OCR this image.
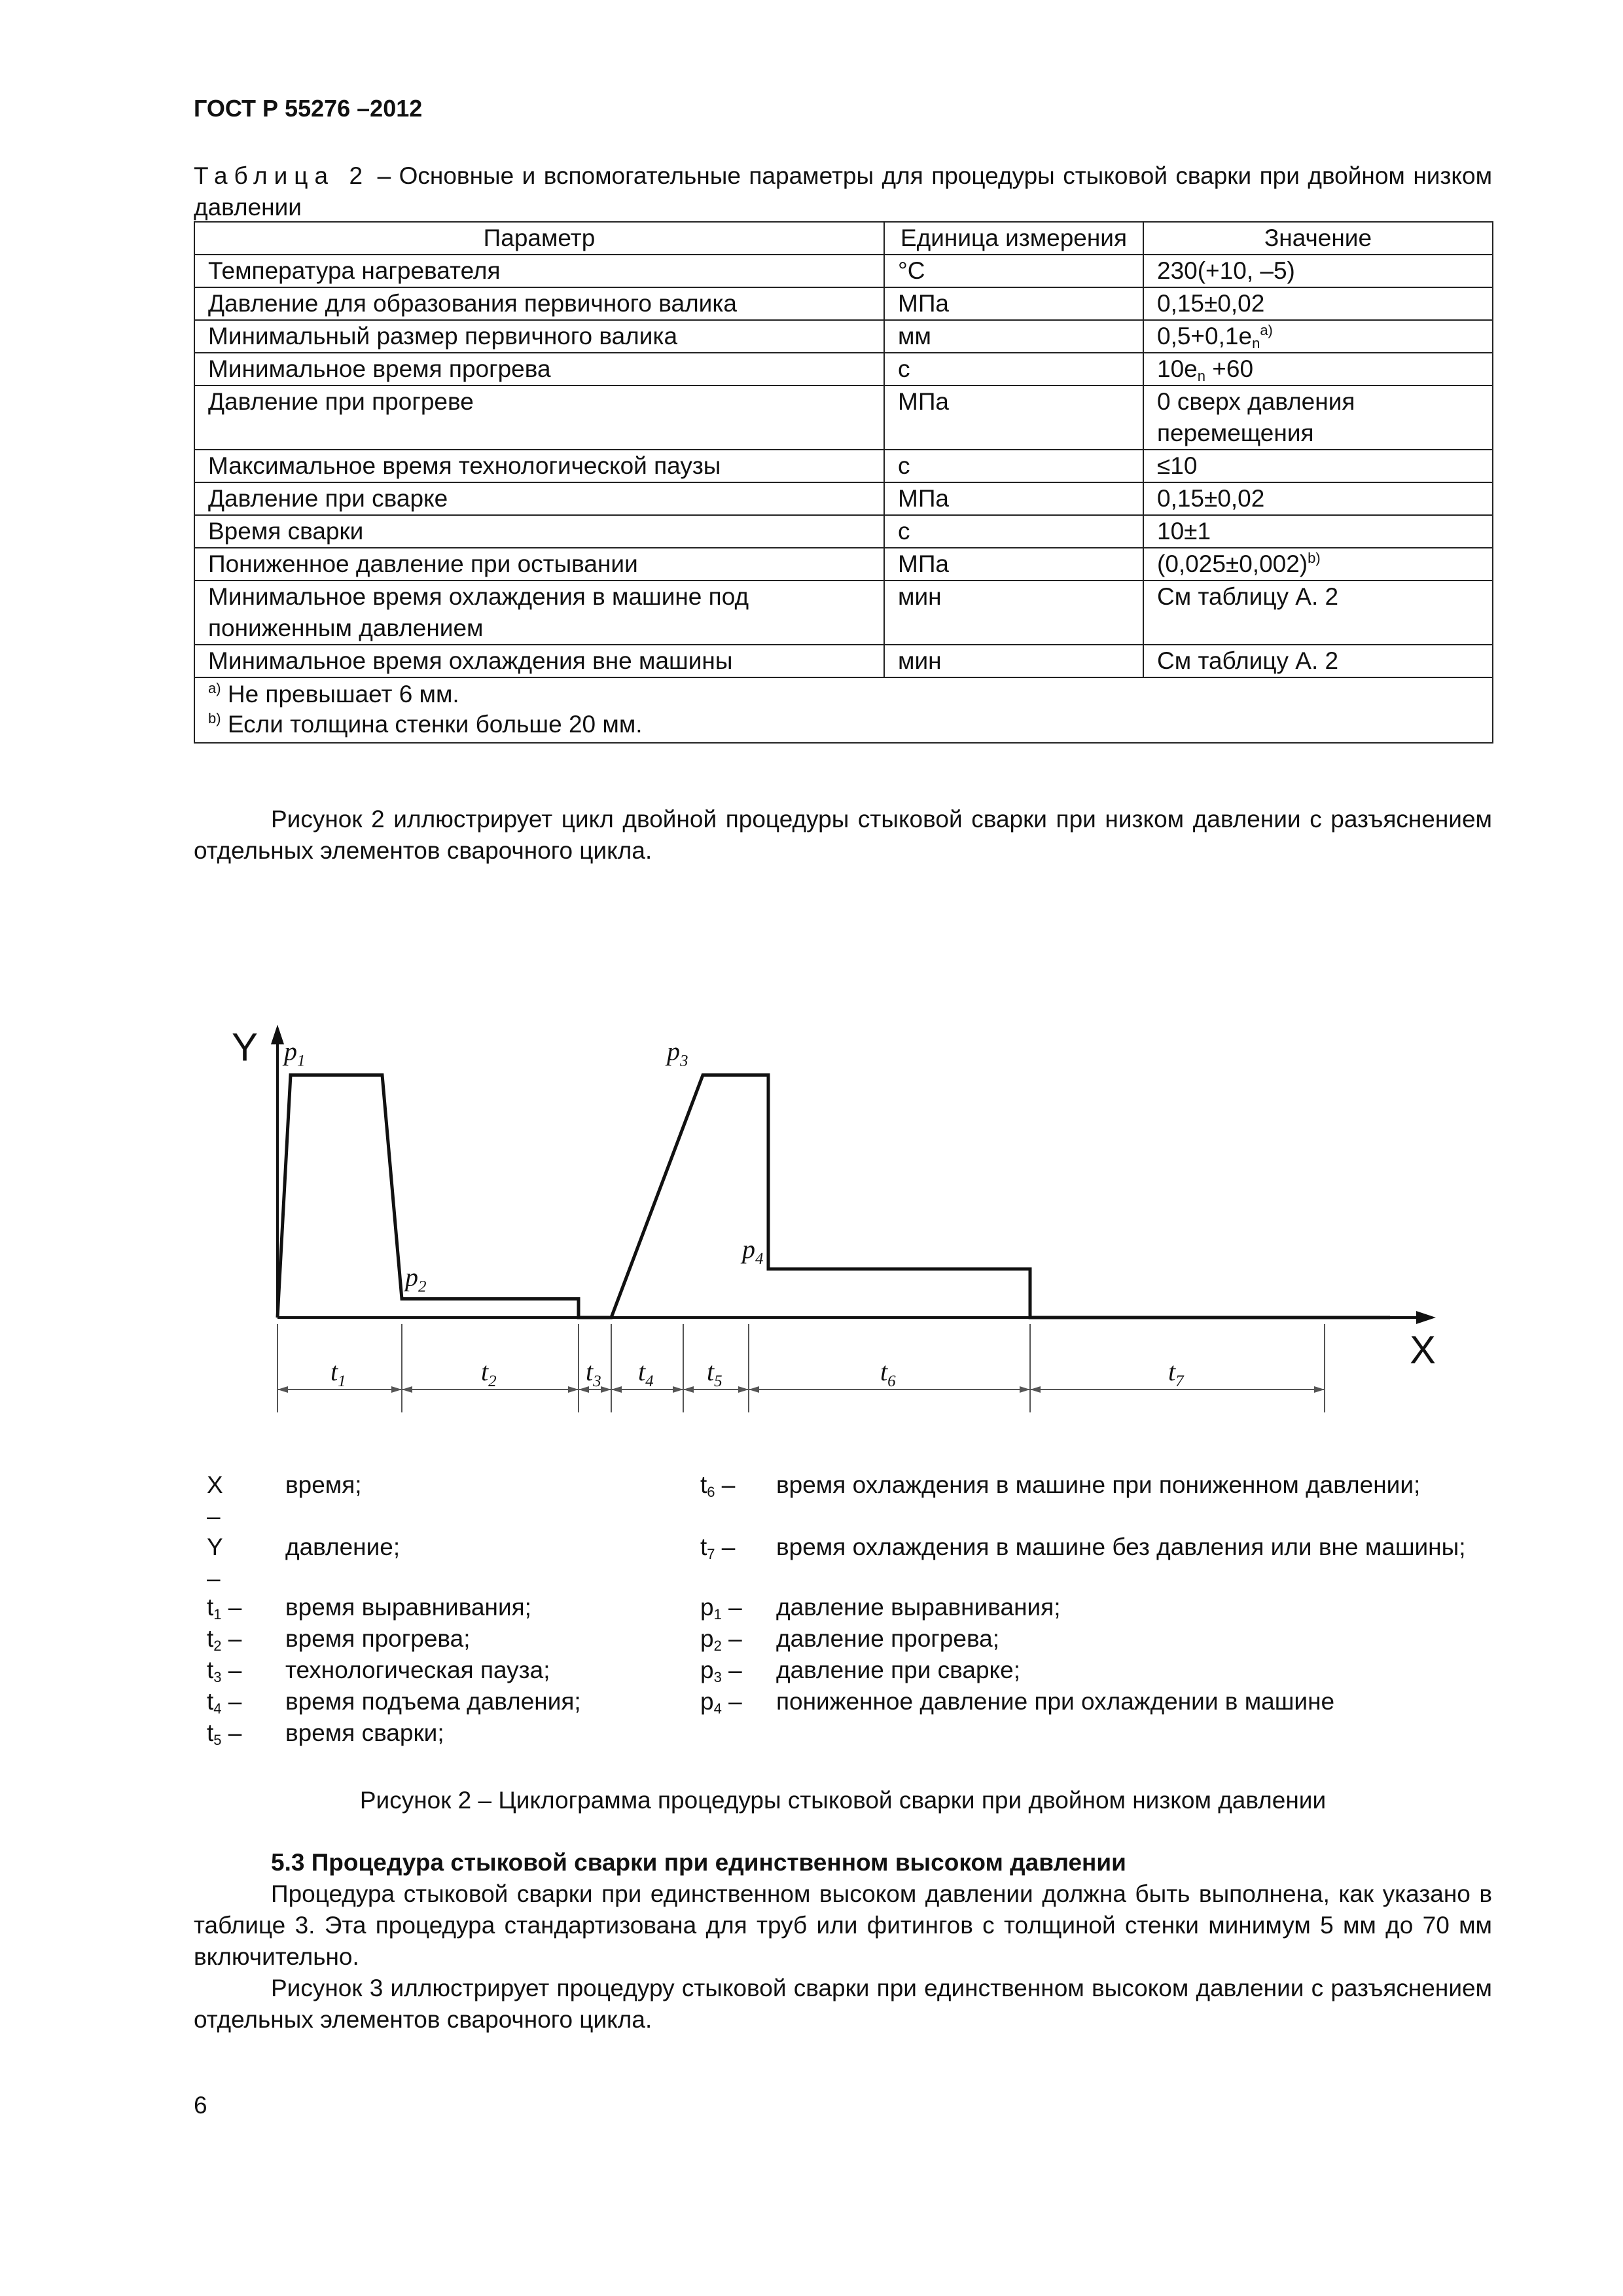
ГОСТ Р 55276 –2012
Таблица 2 – Основные и вспомогательные параметры для процедуры стыковой сварки при двойном низком давлении
Параметр	Единица измерения	Значение
Температура нагревателя	°C	230(+10, –5)
Давление для образования первичного валика	МПа	0,15±0,02
Минимальный размер первичного валика	мм	$0,5+0,1e_n^{a)}$
Минимальное время прогрева	с	$10e_n +60$
Давление при прогреве	МПа	0 сверх давления перемещения
Максимальное время технологической паузы	с	≤10
Давление при сварке	МПа	0,15±0,02
Время сварки	с	10±1
Пониженное давление при остывании	МПа	$(0,025\pm 0,002)^{b)}$
Минимальное время охлаждения в машине под пониженным давлением	мин	См таблицу А. 2
Минимальное время охлаждения вне машины	мин	См таблицу А. 2

$^{a)}$ Не превышает 6 мм.
$^{b)}$ Если толщина стенки больше 20 мм.		
Рисунок 2 иллюстрирует цикл двойной процедуры стыковой сварки при низком давлении с разъяснением отдельных элементов сварочного цикла.
X
Y $p_1$
$p_2$
$p_3$
$p_4$
$t_1$	$t_2$	$t_3$ $t_4$ $t_5$	$t_6$	$t_7$
X –
время;
Y –
давление;
$t_1$ –	время выравнивания;
$t_2$ –	время прогрева;
$t_3$ –	технологическая пауза;
$t_4$ –	время подъема давления;
$t_5$ –	время сварки;
$t_6$ –	время охлаждения в машине при пониженном давлении;
$t_7$ –	время охлаждения в машине без давления или вне машины;
$p_1$ –	давление выравнивания;
$p_2$ –	давление прогрева;
$p_3$ –	давление при сварке;
$p_4$ –	пониженное давление при охлаждении в машине
Рисунок 2 – Циклограмма процедуры стыковой сварки при двойном низком давлении
5.3 Процедура стыковой сварки при единственном высоком давлении

Процедура стыковой сварки при единственном высоком давлении должна быть выполнена, как указано в таблице 3. Эта процедура стандартизована для труб или фитингов с толщиной стенки минимум 5 мм до 70 мм включительно.

Рисунок 3 иллюстрирует процедуру стыковой сварки при единственном высоком давлении с разъяснением отдельных элементов сварочного цикла.

6
